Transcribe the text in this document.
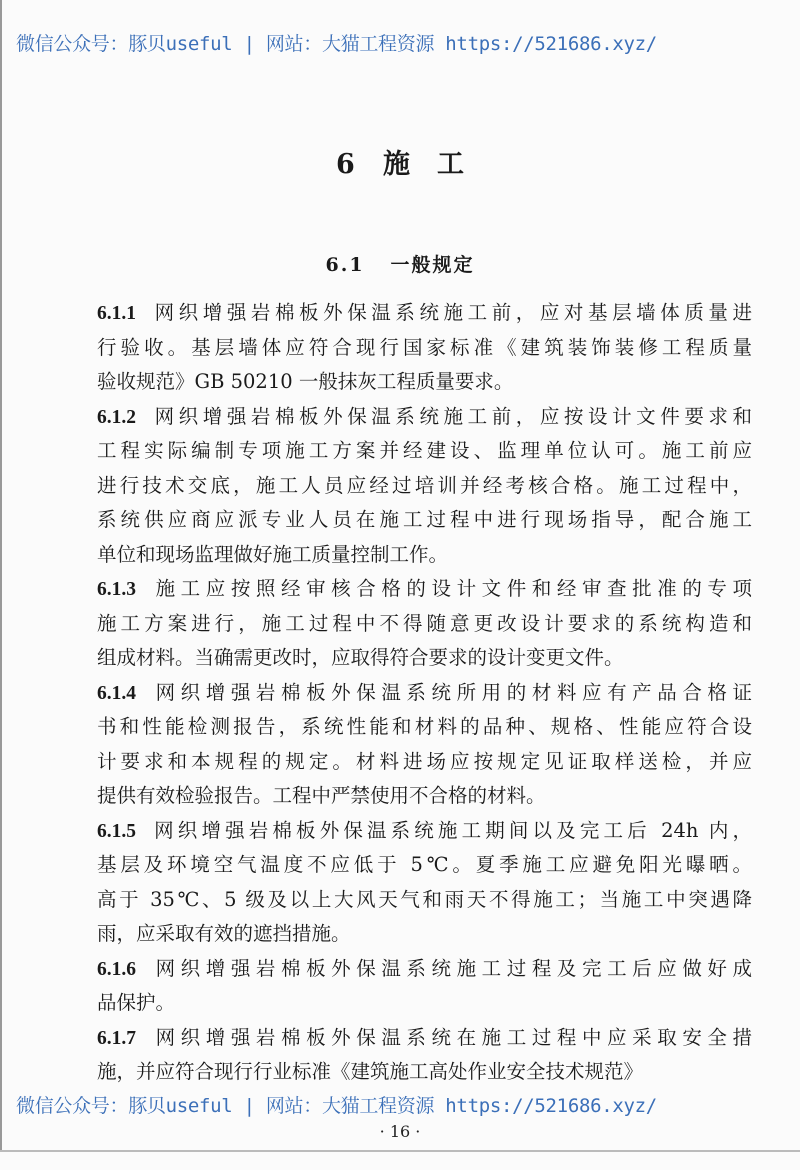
微信公众号：豚贝useful | 网站：大猫工程资源 https://521686.xyz/
6 施　工
6.1 一般规定
6.1.1 网织增强岩棉板外保温系统施工前，应对基层墙体质量进
行验收。基层墙体应符合现行国家标准《建筑装饰装修工程质量
验收规范》GB 50210 一般抹灰工程质量要求。
6.1.2 网织增强岩棉板外保温系统施工前，应按设计文件要求和
工程实际编制专项施工方案并经建设、监理单位认可。施工前应
进行技术交底，施工人员应经过培训并经考核合格。施工过程中，
系统供应商应派专业人员在施工过程中进行现场指导，配合施工
单位和现场监理做好施工质量控制工作。
6.1.3 施工应按照经审核合格的设计文件和经审查批准的专项
施工方案进行，施工过程中不得随意更改设计要求的系统构造和
组成材料。当确需更改时，应取得符合要求的设计变更文件。
6.1.4 网织增强岩棉板外保温系统所用的材料应有产品合格证
书和性能检测报告，系统性能和材料的品种、规格、性能应符合设
计要求和本规程的规定。材料进场应按规定见证取样送检，并应
提供有效检验报告。工程中严禁使用不合格的材料。
6.1.5 网织增强岩棉板外保温系统施工期间以及完工后 24h 内，
基层及环境空气温度不应低于 5℃。夏季施工应避免阳光曝晒。
高于 35℃、5 级及以上大风天气和雨天不得施工；当施工中突遇降
雨，应采取有效的遮挡措施。
6.1.6 网织增强岩棉板外保温系统施工过程及完工后应做好成
品保护。
6.1.7 网织增强岩棉板外保温系统在施工过程中应采取安全措
施，并应符合现行行业标准《建筑施工高处作业安全技术规范》
微信公众号：豚贝useful | 网站：大猫工程资源 https://521686.xyz/
· 16 ·
